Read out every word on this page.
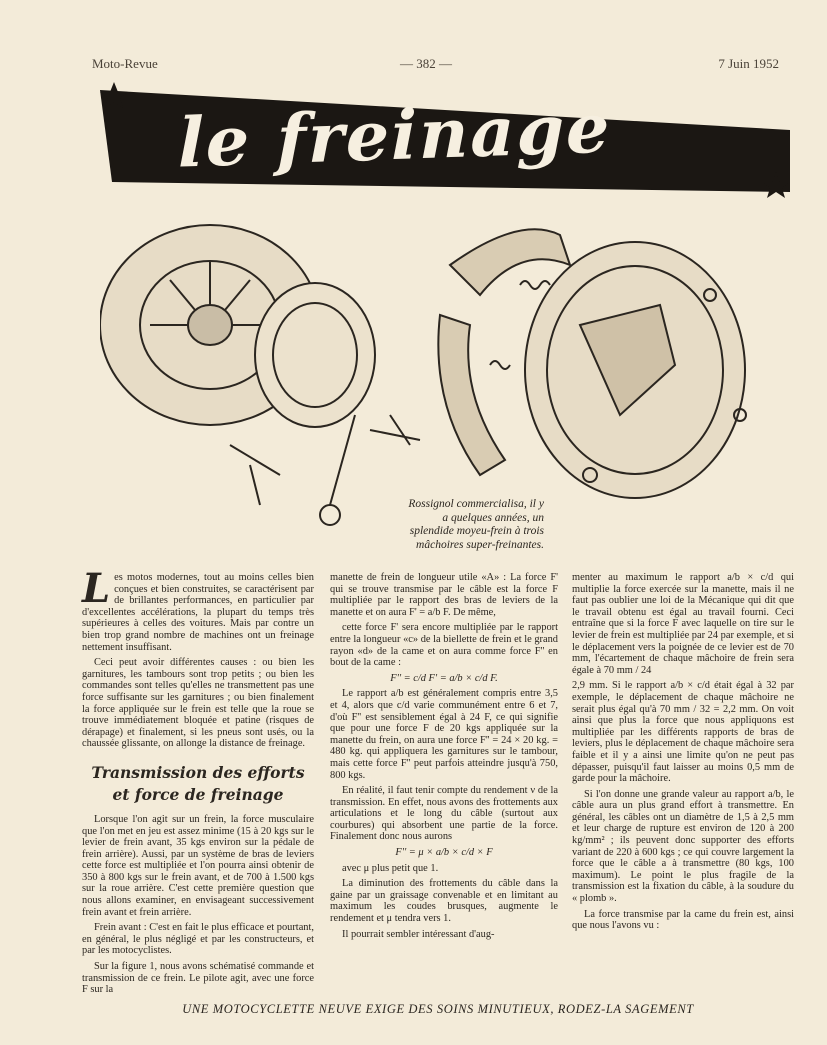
Moto-Revue	— 382 —	7 Juin 1952
le freinage
Rossignol commercialisa, il y a quelques années, un splendide moyeu-frein à trois mâchoires super-freinantes.

Les motos modernes, tout au moins celles bien conçues et bien construites, se caractérisent par de brillantes performances, en particulier par d'excellentes accélérations, la plupart du temps très supérieures à celles des voitures. Mais par contre un bien trop grand nombre de machines ont un freinage nettement insuffisant.

Ceci peut avoir différentes causes : ou bien les garnitures, les tambours sont trop petits ; ou bien les commandes sont telles qu'elles ne transmettent pas une force suffisante sur les garnitures ; ou bien finalement la force appliquée sur le frein est telle que la roue se trouve immédiatement bloquée et patine (risques de dérapage) et finalement, si les pneus sont usés, ou la chaussée glissante, on allonge la distance de freinage.

Transmission des efforts
et force de freinage

Lorsque l'on agit sur un frein, la force musculaire que l'on met en jeu est assez minime (15 à 20 kgs sur le levier de frein avant, 35 kgs environ sur la pédale de frein arrière). Aussi, par un système de bras de leviers cette force est multipliée et l'on pourra ainsi obtenir de 350 à 800 kgs sur le frein avant, et de 700 à 1.500 kgs sur la roue arrière. C'est cette première question que nous allons examiner, en envisageant successivement frein avant et frein arrière.

Frein avant : C'est en fait le plus efficace et pourtant, en général, le plus négligé et par les constructeurs, et par les motocyclistes.

Sur la figure 1, nous avons schématisé commande et transmission de ce frein. Le pilote agit, avec une force F sur la

manette de frein de longueur utile «A» : La force F' qui se trouve transmise par le câble est la force F multipliée par le rapport des bras de leviers de la manette et on aura F' = a/b F. De même,

cette force F' sera encore multipliée par le rapport entre la longueur «c» de la biellette de frein et le grand rayon «d» de la came et on aura comme force F'' en bout de la came :

F'' = c/d F' = a/b × c/d F.

Le rapport a/b est généralement compris entre 3,5 et 4, alors que c/d varie communément entre 6 et 7, d'où F'' est sensiblement égal à 24 F, ce qui signifie que pour une force F de 20 kgs appliquée sur la manette du frein, on aura une force F'' = 24 × 20 kg. = 480 kg. qui appliquera les garnitures sur le tambour, mais cette force F'' peut parfois atteindre jusqu'à 750, 800 kgs.

En réalité, il faut tenir compte du rendement ν de la transmission. En effet, nous avons des frottements aux articulations et le long du câble (surtout aux courbures) qui absorbent une partie de la force. Finalement donc nous aurons

F'' = μ × a/b × c/d × F

avec μ plus petit que 1.

La diminution des frottements du câble dans la gaine par un graissage convenable et en limitant au maximum les coudes brusques, augmente le rendement et μ tendra vers 1.

Il pourrait sembler intéressant d'aug-

menter au maximum le rapport a/b × c/d qui multiplie la force exercée sur la manette, mais il ne faut pas oublier une loi de la Mécanique qui dit que le travail obtenu est égal au travail fourni. Ceci entraîne que si la force F avec laquelle on tire sur le levier de frein est multipliée par 24 par exemple, et si le déplacement vers la poignée de ce levier est de 70 mm, l'écartement de chaque mâchoire de frein sera égale à 70 mm / 24

2,9 mm. Si le rapport a/b × c/d était égal à 32 par exemple, le déplacement de chaque mâchoire ne serait plus égal qu'à 70 mm / 32 = 2,2 mm. On voit ainsi que plus la force que nous appliquons est multipliée par les différents rapports de bras de leviers, plus le déplacement de chaque mâchoire sera faible et il y a ainsi une limite qu'on ne peut pas dépasser, puisqu'il faut laisser au moins 0,5 mm de garde pour la mâchoire.

Si l'on donne une grande valeur au rapport a/b, le câble aura un plus grand effort à transmettre. En général, les câbles ont un diamètre de 1,5 à 2,5 mm et leur charge de rupture est environ de 120 à 200 kg/mm² ; ils peuvent donc supporter des efforts variant de 220 à 600 kgs ; ce qui couvre largement la force que le câble a à transmettre (80 kgs, 100 maximum). Le point le plus fragile de la transmission est la fixation du câble, à la soudure du « plomb ».

La force transmise par la came du frein est, ainsi que nous l'avons vu :

UNE MOTOCYCLETTE NEUVE EXIGE DES SOINS MINUTIEUX, RODEZ-LA SAGEMENT
